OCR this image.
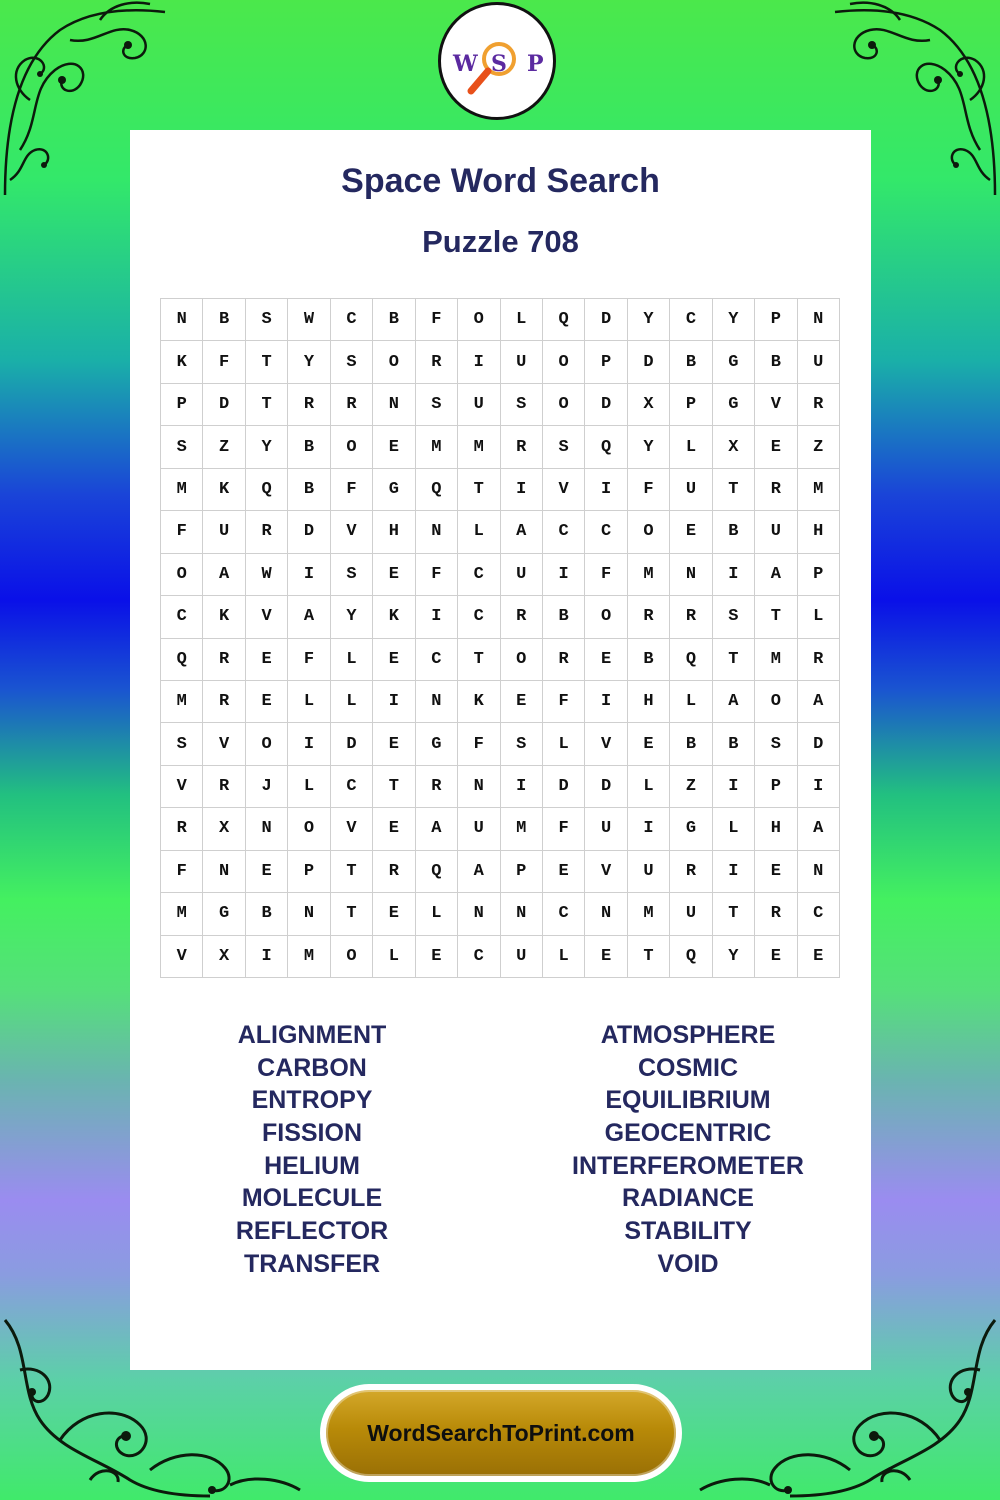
W S P
Space Word Search
Puzzle 708
N	B	S	W	C	B	F	O	L	Q	D	Y	C	Y	P	N
K	F	T	Y	S	O	R	I	U	O	P	D	B	G	B	U
P	D	T	R	R	N	S	U	S	O	D	X	P	G	V	R
S	Z	Y	B	O	E	M	M	R	S	Q	Y	L	X	E	Z
M	K	Q	B	F	G	Q	T	I	V	I	F	U	T	R	M
F	U	R	D	V	H	N	L	A	C	C	O	E	B	U	H
O	A	W	I	S	E	F	C	U	I	F	M	N	I	A	P
C	K	V	A	Y	K	I	C	R	B	O	R	R	S	T	L
Q	R	E	F	L	E	C	T	O	R	E	B	Q	T	M	R
M	R	E	L	L	I	N	K	E	F	I	H	L	A	O	A
S	V	O	I	D	E	G	F	S	L	V	E	B	B	S	D
V	R	J	L	C	T	R	N	I	D	D	L	Z	I	P	I
R	X	N	O	V	E	A	U	M	F	U	I	G	L	H	A
F	N	E	P	T	R	Q	A	P	E	V	U	R	I	E	N
M	G	B	N	T	E	L	N	N	C	N	M	U	T	R	C
V	X	I	M	O	L	E	C	U	L	E	T	Q	Y	E	E
ALIGNMENT
CARBON
ENTROPY
FISSION
HELIUM
MOLECULE
REFLECTOR
TRANSFER
ATMOSPHERE
COSMIC
EQUILIBRIUM
GEOCENTRIC
INTERFEROMETER
RADIANCE
STABILITY
VOID
WordSearchToPrint.com
